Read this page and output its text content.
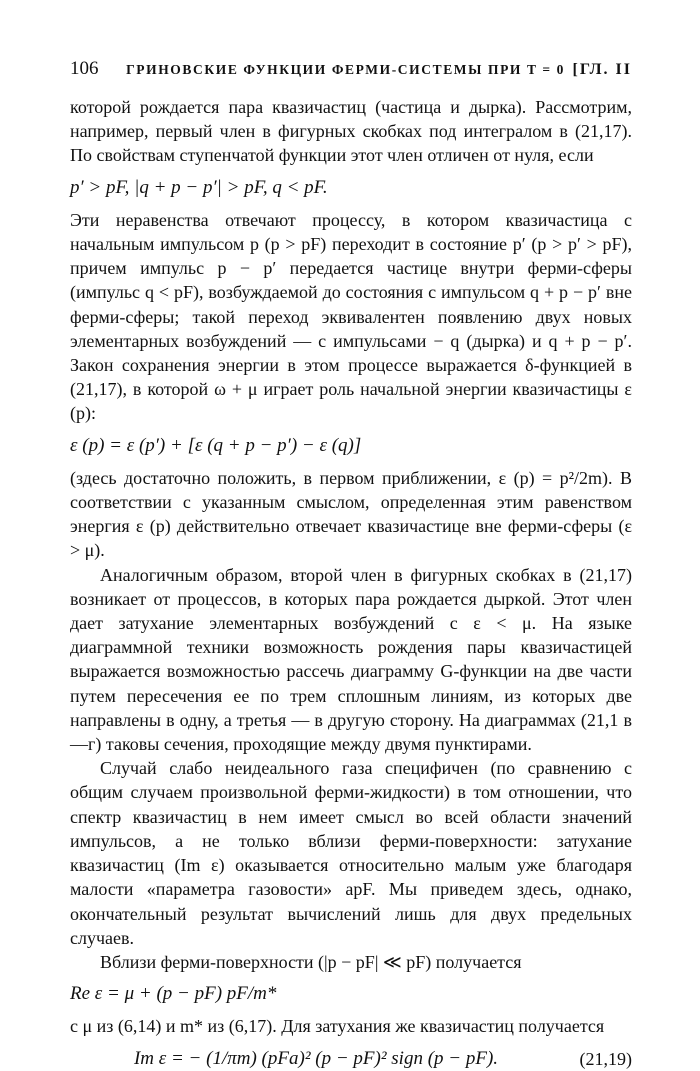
106	ГРИНОВСКИЕ ФУНКЦИИ ФЕРМИ-СИСТЕМЫ ПРИ T = 0 [ГЛ. II

которой рождается пара квазичастиц (частица и дырка). Рассмотрим, например, первый член в фигурных скобках под интегралом в (21,17). По свойствам ступенчатой функции этот член отличен от нуля, если

p′ > pF, |q + p − p′| > pF, q < pF.

Эти неравенства отвечают процессу, в котором квазичастица с начальным импульсом p (p > pF) переходит в состояние p′ (p > p′ > pF), причем импульс p − p′ передается частице внутри ферми-сферы (импульс q < pF), возбуждаемой до состояния с импульсом q + p − p′ вне ферми-сферы; такой переход эквивалентен появлению двух новых элементарных возбуждений — с импульсами − q (дырка) и q + p − p′. Закон сохранения энергии в этом процессе выражается δ-функцией в (21,17), в которой ω + μ играет роль начальной энергии квазичастицы ε (p):

ε (p) = ε (p′) + [ε (q + p − p′) − ε (q)]

(здесь достаточно положить, в первом приближении, ε (p) = p²/2m). В соответствии с указанным смыслом, определенная этим равенством энергия ε (p) действительно отвечает квазичастице вне ферми-сферы (ε > μ).

Аналогичным образом, второй член в фигурных скобках в (21,17) возникает от процессов, в которых пара рождается дыркой. Этот член дает затухание элементарных возбуждений с ε < μ. На языке диаграммной техники возможность рождения пары квазичастицей выражается возможностью рассечь диаграмму G-функции на две части путем пересечения ее по трем сплошным линиям, из которых две направлены в одну, а третья — в другую сторону. На диаграммах (21,1 в—г) таковы сечения, проходящие между двумя пунктирами.

Случай слабо неидеального газа специфичен (по сравнению с общим случаем произвольной ферми-жидкости) в том отношении, что спектр квазичастиц в нем имеет смысл во всей области значений импульсов, а не только вблизи ферми-поверхности: затухание квазичастиц (Im ε) оказывается относительно малым уже благодаря малости «параметра газовости» apF. Мы приведем здесь, однако, окончательный результат вычислений лишь для двух предельных случаев.

Вблизи ферми-поверхности (|p − pF| ≪ pF) получается

Re ε = μ + (p − pF) pF/m*

с μ из (6,14) и m* из (6,17). Для затухания же квазичастиц получается

Im ε = − (1/πm) (pFa)² (p − pF)² sign (p − pF).	(21,19)
